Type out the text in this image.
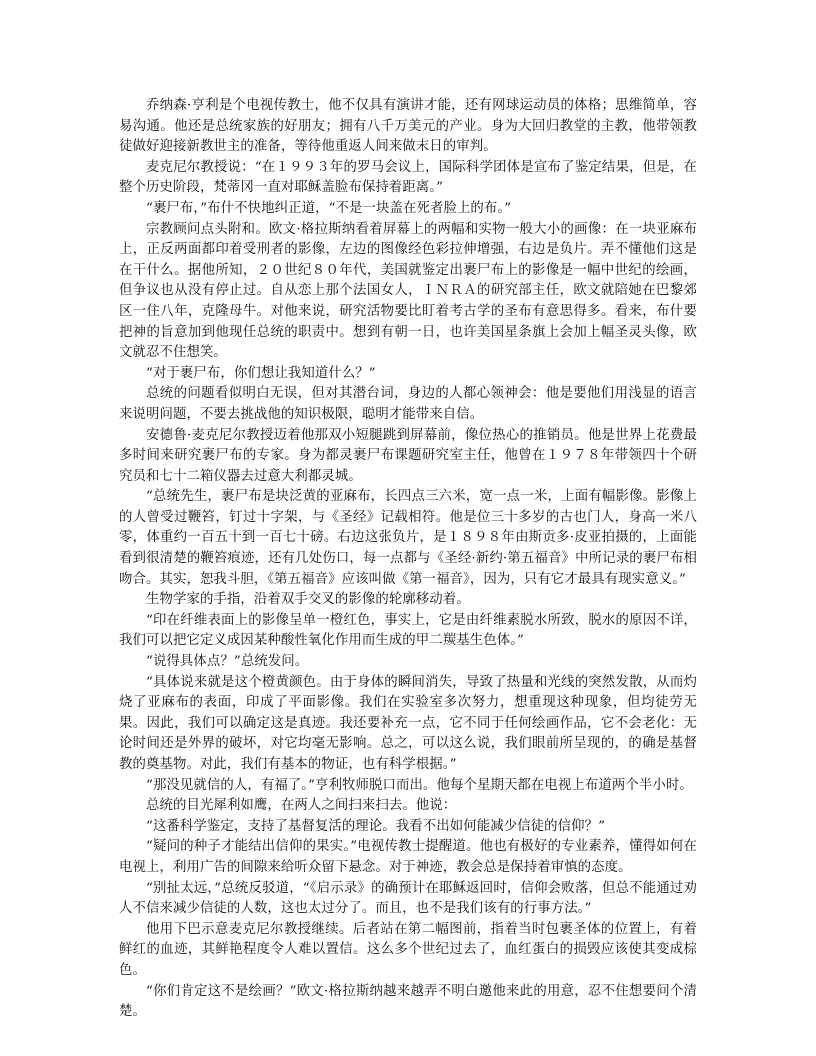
乔纳森·亨利是个电视传教士，他不仅具有演讲才能，还有网球运动员的体格；思维简单，容易沟通。他还是总统家族的好朋友；拥有八千万美元的产业。身为大回归教堂的主教，他带领教徒做好迎接新教世主的准备，等待他重返人间来做末日的审判。

麦克尼尔教授说：“在１９９３年的罗马会议上，国际科学团体是宣布了鉴定结果，但是，在整个历史阶段，梵蒂冈一直对耶稣盖脸布保持着距离。”

“裹尸布，”布什不快地纠正道，“不是一块盖在死者脸上的布。”

宗教顾问点头附和。欧文·格拉斯纳看着屏幕上的两幅和实物一般大小的画像：在一块亚麻布上，正反两面都印着受刑者的影像，左边的图像经色彩拉伸增强，右边是负片。弄不懂他们这是在干什么。据他所知，２０世纪８０年代，美国就鉴定出裹尸布上的影像是一幅中世纪的绘画，但争议也从没有停止过。自从恋上那个法国女人，ＩＮＲＡ的研究部主任，欧文就陪她在巴黎郊区一住八年，克隆母牛。对他来说，研究活物要比盯着考古学的圣布有意思得多。看来，布什要把神的旨意加到他现任总统的职责中。想到有朝一日，也许美国星条旗上会加上幅圣灵头像，欧文就忍不住想笑。

“对于裹尸布，你们想让我知道什么？”

总统的问题看似明白无误，但对其潜台词，身边的人都心领神会：他是要他们用浅显的语言来说明问题，不要去挑战他的知识极限，聪明才能带来自信。

安德鲁·麦克尼尔教授迈着他那双小短腿跳到屏幕前，像位热心的推销员。他是世界上花费最多时间来研究裹尸布的专家。身为都灵裹尸布课题研究室主任，他曾在１９７８年带领四十个研究员和七十二箱仪器去过意大利都灵城。

“总统先生，裹尸布是块泛黄的亚麻布，长四点三六米，宽一点一米，上面有幅影像。影像上的人曾受过鞭笞，钉过十字架，与《圣经》记载相符。他是位三十多岁的古也门人，身高一米八零，体重约一百五十到一百七十磅。右边这张负片，是１８９８年由斯贡多·皮亚拍摄的，上面能看到很清楚的鞭笞痕迹，还有几处伤口，每一点都与《圣经·新约·第五福音》中所记录的裹尸布相吻合。其实，恕我斗胆，《第五福音》应该叫做《第一福音》，因为，只有它才最具有现实意义。”

生物学家的手指，沿着双手交叉的影像的轮廓移动着。

“印在纤维表面上的影像呈单一橙红色，事实上，它是由纤维素脱水所致，脱水的原因不详，我们可以把它定义成因某种酸性氧化作用而生成的甲二羰基生色体。”

“说得具体点？”总统发问。

“具体说来就是这个橙黄颜色。由于身体的瞬间消失，导致了热量和光线的突然发散，从而灼烧了亚麻布的表面，印成了平面影像。我们在实验室多次努力，想重现这种现象，但均徒劳无果。因此，我们可以确定这是真迹。我还要补充一点，它不同于任何绘画作品，它不会老化：无论时间还是外界的破坏，对它均毫无影响。总之，可以这么说，我们眼前所呈现的，的确是基督教的奠基物。对此，我们有基本的物证，也有科学根据。”

“那没见就信的人，有福了。”亨利牧师脱口而出。他每个星期天都在电视上布道两个半小时。

总统的目光犀利如鹰，在两人之间扫来扫去。他说：

“这番科学鉴定，支持了基督复活的理论。我看不出如何能减少信徒的信仰？”

“疑问的种子才能结出信仰的果实。”电视传教士提醒道。他也有极好的专业素养，懂得如何在电视上，利用广告的间隙来给听众留下悬念。对于神迹，教会总是保持着审慎的态度。

“别扯太远，”总统反驳道，“《启示录》的确预计在耶稣返回时，信仰会败落，但总不能通过劝人不信来减少信徒的人数，这也太过分了。而且，也不是我们该有的行事方法。”

他用下巴示意麦克尼尔教授继续。后者站在第二幅图前，指着当时包裹圣体的位置上，有着鲜红的血迹，其鲜艳程度令人难以置信。这么多个世纪过去了，血红蛋白的损毁应该使其变成棕色。

“你们肯定这不是绘画？”欧文·格拉斯纳越来越弄不明白邀他来此的用意，忍不住想要问个清楚。
